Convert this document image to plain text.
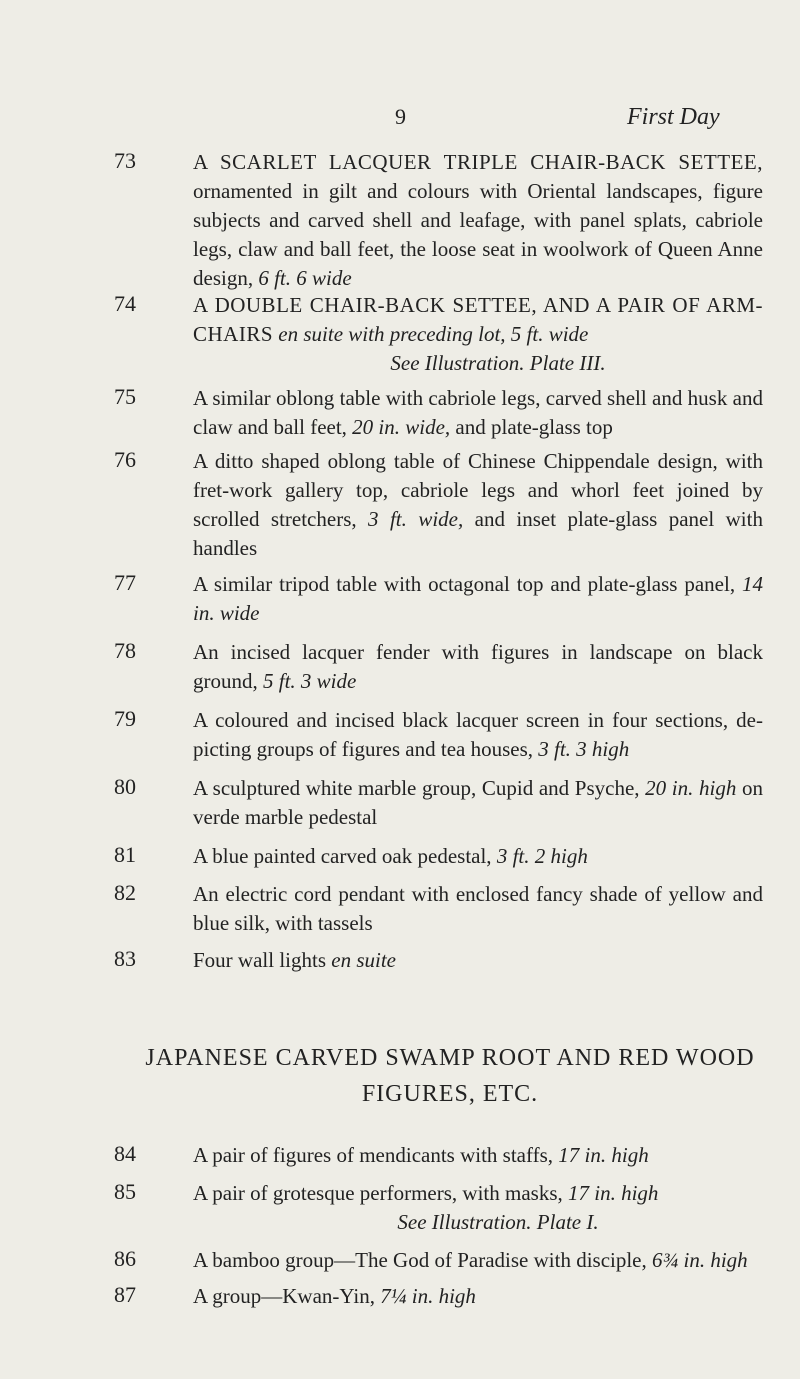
9	First Day
73	A SCARLET LACQUER TRIPLE CHAIR-BACK SETTEE, ornamented in gilt and colours with Oriental landscapes, figure subjects and carved shell and leafage, with panel splats, cabriole legs, claw and ball feet, the loose seat in woolwork of Queen Anne design, 6 ft. 6 wide
74	A DOUBLE CHAIR-BACK SETTEE, AND A PAIR OF ARM-CHAIRS en suite with preceding lot, 5 ft. wide
See Illustration. Plate III.
75	A similar oblong table with cabriole legs, carved shell and husk and claw and ball feet, 20 in. wide, and plate-glass top
76	A ditto shaped oblong table of Chinese Chippendale design, with fret-work gallery top, cabriole legs and whorl feet joined by scrolled stretchers, 3 ft. wide, and inset plate-glass panel with handles
77	A similar tripod table with octagonal top and plate-glass panel, 14 in. wide
78	An incised lacquer fender with figures in landscape on black ground, 5 ft. 3 wide
79	A coloured and incised black lacquer screen in four sections, de-picting groups of figures and tea houses, 3 ft. 3 high
80	A sculptured white marble group, Cupid and Psyche, 20 in. high on verde marble pedestal
81	A blue painted carved oak pedestal, 3 ft. 2 high
82	An electric cord pendant with enclosed fancy shade of yellow and blue silk, with tassels
83	Four wall lights en suite
JAPANESE CARVED SWAMP ROOT AND RED WOOD FIGURES, ETC.
84	A pair of figures of mendicants with staffs, 17 in. high
85	A pair of grotesque performers, with masks, 17 in. high
See Illustration. Plate I.
86	A bamboo group—The God of Paradise with disciple, 6¾ in. high
87	A group—Kwan-Yin, 7¼ in. high
